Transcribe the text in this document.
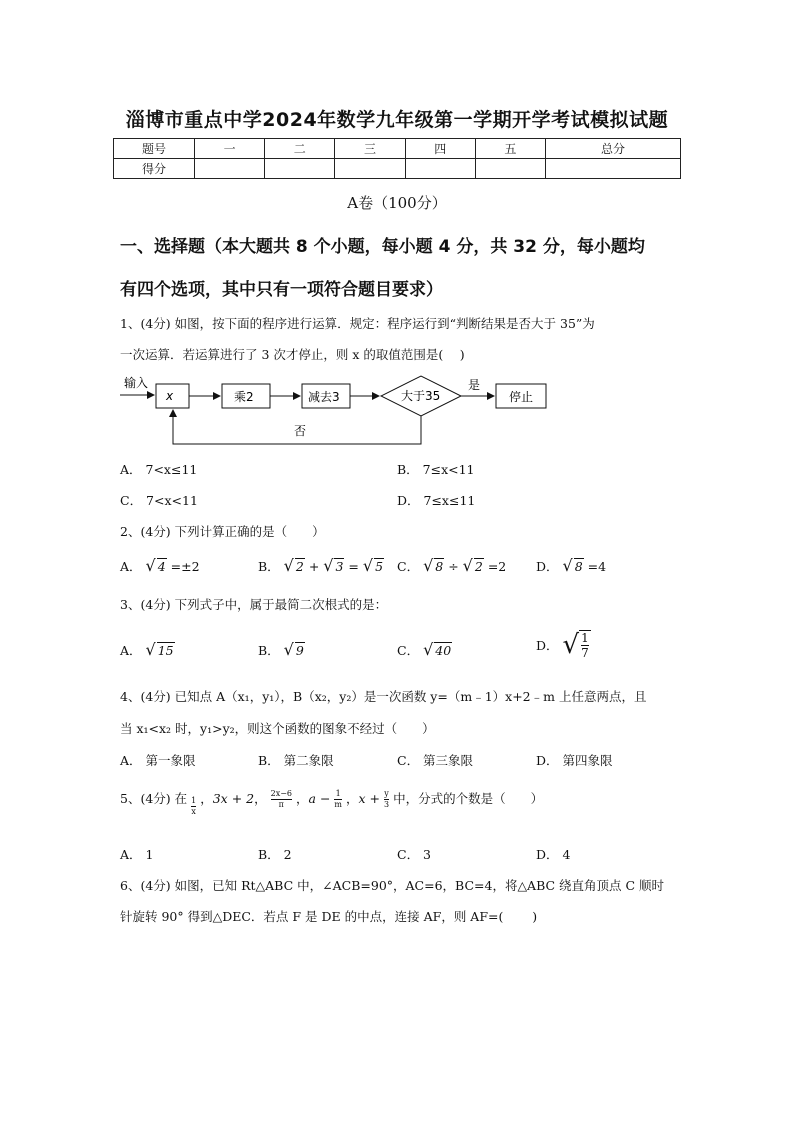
淄博市重点中学2024年数学九年级第一学期开学考试模拟试题
题号	一	二	三	四	五	总分
得分						
A卷（100分）
一、选择题（本大题共 8 个小题，每小题 4 分，共 32 分，每小题均
有四个选项，其中只有一项符合题目要求）
1、(4分) 如图，按下面的程序进行运算．规定：程序运行到“判断结果是否大于 35”为
一次运算．若运算进行了 3 次才停止，则 x 的取值范围是(　 )
输入
x	乘2	减去3	大于35
是
停止
否
A． 7<x≤11	B． 7≤x<11
C． 7<x<11	D． 7≤x≤11
2、(4分) 下列计算正确的是（　　）
A． √ 4 =±2	B． √ 2 + √ 3 = √ 5 C． √ 8 ÷ √ 2 =2 D． √ 8 =4
3、(4分) 下列式子中，属于最简二次根式的是：
A． √ 15	B． √ 9	C． √ 40	D． √ $\frac{1}{7}$
4、(4分) 已知点 A（x₁，y₁），B（x₂，y₂）是一次函数 y=（m﹣1）x+2﹣m 上任意两点，且
当 x₁<x₂ 时，y₁>y₂，则这个函数的图象不经过（　　）
A． 第一象限	B． 第二象限	C． 第三象限	D． 第四象限
5、(4分) 在 $\frac{1}{x}$ ，3x + 2， $\frac{2x-6}{\pi}$ ，$a - \frac{1}{m}$ ，$x + \frac{y}{3}$ 中，分式的个数是（　　）
A． 1	B． 2	C． 3	D． 4
6、(4分) 如图，已知 Rt△ABC 中，∠ACB=90°，AC=6，BC=4，将△ABC 绕直角顶点 C 顺时
针旋转 90° 得到△DEC．若点 F 是 DE 的中点，连接 AF，则 AF=(　　 )
